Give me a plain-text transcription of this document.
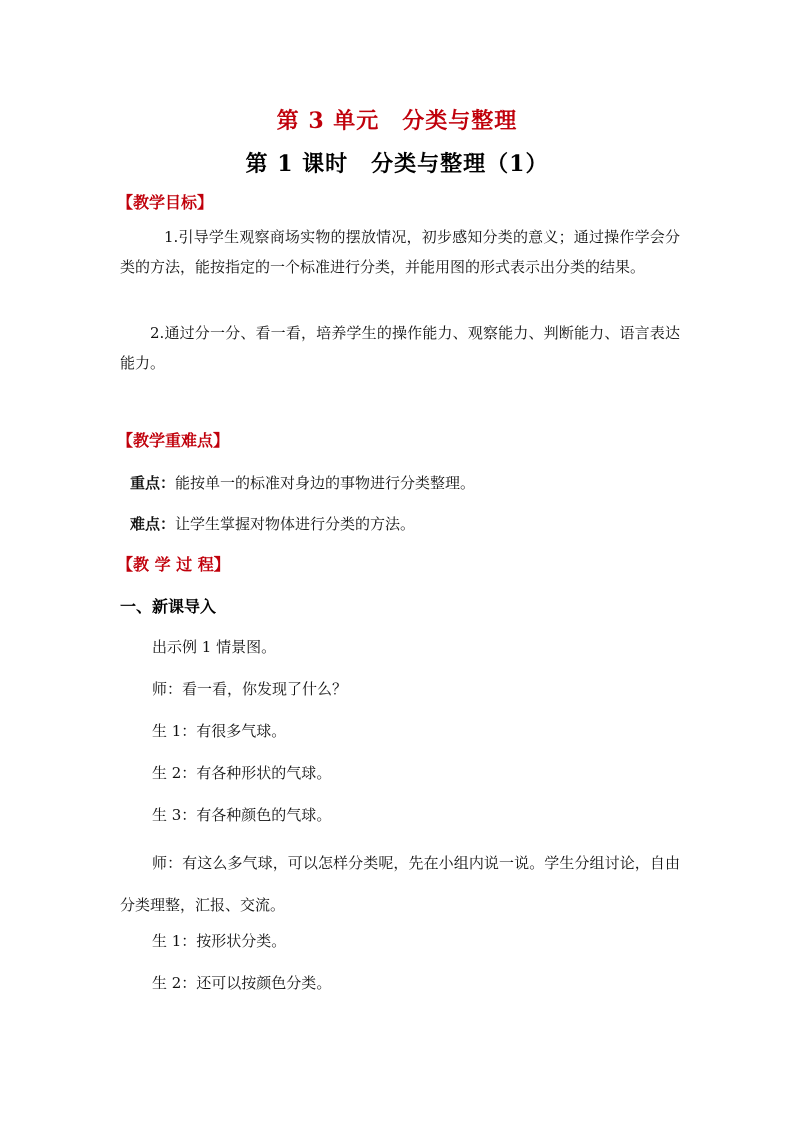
第 3 单元　分类与整理
第 1 课时　分类与整理（1）
【教学目标】
1.引导学生观察商场实物的摆放情况，初步感知分类的意义；通过操作学会分类的方法，能按指定的一个标准进行分类，并能用图的形式表示出分类的结果。
2.通过分一分、看一看，培养学生的操作能力、观察能力、判断能力、语言表达能力。
【教学重难点】
重点：能按单一的标准对身边的事物进行分类整理。
难点：让学生掌握对物体进行分类的方法。
【教 学 过 程】
一、新课导入
出示例 1 情景图。
师：看一看，你发现了什么？
生 1：有很多气球。
生 2：有各种形状的气球。
生 3：有各种颜色的气球。
师：有这么多气球，可以怎样分类呢，先在小组内说一说。学生分组讨论，自由分类理整，汇报、交流。
生 1：按形状分类。
生 2：还可以按颜色分类。
